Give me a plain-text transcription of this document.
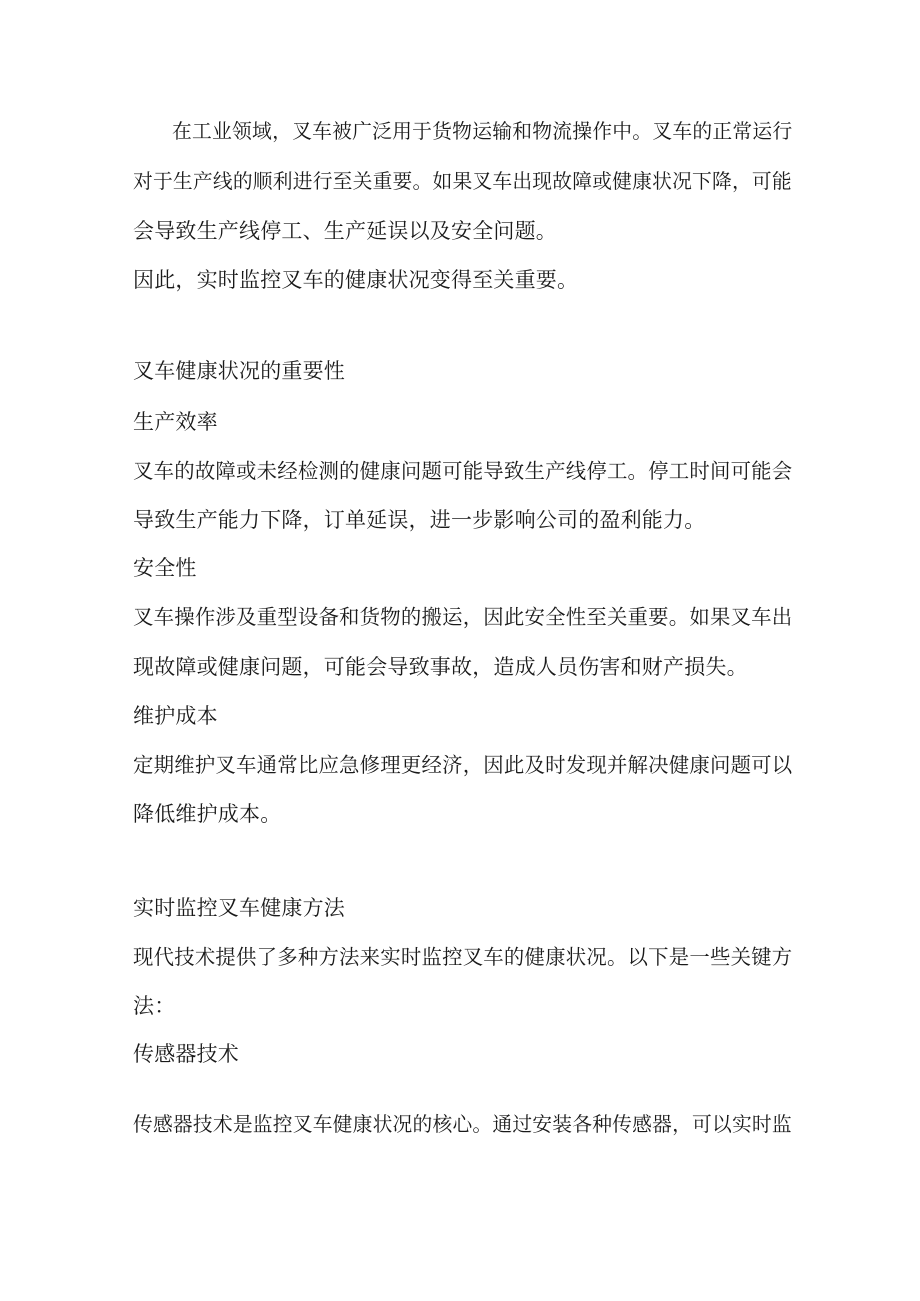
在工业领域，叉车被广泛用于货物运输和物流操作中。叉车的正常运行
对于生产线的顺利进行至关重要。如果叉车出现故障或健康状况下降，可能
会导致生产线停工、生产延误以及安全问题。
因此，实时监控叉车的健康状况变得至关重要。
叉车健康状况的重要性
生产效率
叉车的故障或未经检测的健康问题可能导致生产线停工。停工时间可能会
导致生产能力下降，订单延误，进一步影响公司的盈利能力。
安全性
叉车操作涉及重型设备和货物的搬运，因此安全性至关重要。如果叉车出
现故障或健康问题，可能会导致事故，造成人员伤害和财产损失。
维护成本
定期维护叉车通常比应急修理更经济，因此及时发现并解决健康问题可以
降低维护成本。
实时监控叉车健康方法
现代技术提供了多种方法来实时监控叉车的健康状况。以下是一些关键方
法：
传感器技术
传感器技术是监控叉车健康状况的核心。通过安装各种传感器，可以实时监
